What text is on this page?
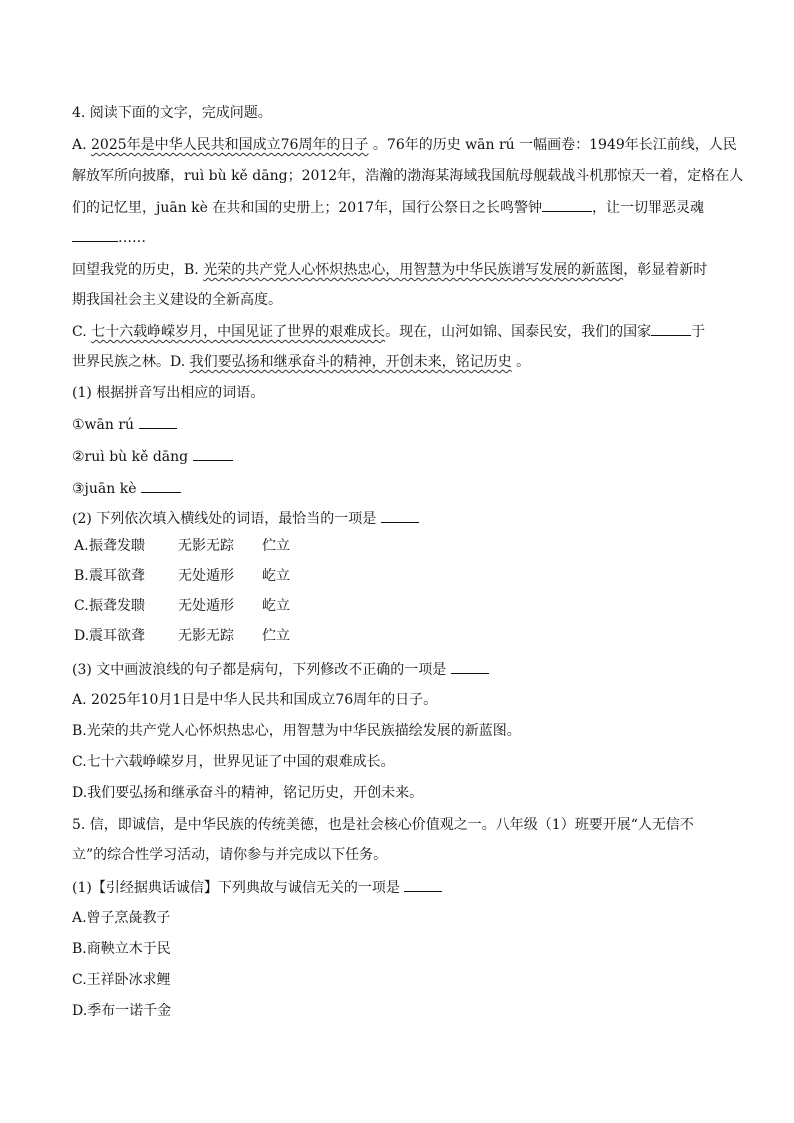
4. 阅读下面的文字，完成问题。
A. 2025年是中华人民共和国成立76周年的日子 。76年的历史 wān rú 一幅画卷：1949年长江前线，人民
解放军所向披靡，ruì bù kě dāng；2012年，浩瀚的渤海某海域我国航母舰载战斗机那惊天一着，定格在人
们的记忆里，juān kè 在共和国的史册上；2017年，国行公祭日之长鸣警钟	，让一切罪恶灵魂
……
回望我党的历史，B. 光荣的共产党人心怀炽热忠心，用智慧为中华民族谱写发展的新蓝图，彰显着新时
期我国社会主义建设的全新高度。
C. 七十六载峥嵘岁月，中国见证了世界的艰难成长。现在，山河如锦、国泰民安，我们的国家	于
世界民族之林。D. 我们要弘扬和继承奋斗的精神，开创未来，铭记历史 。
(1) 根据拼音写出相应的词语。
①wān rú
②ruì bù kě dāng
③juān kè
(2) 下列依次填入横线处的词语，最恰当的一项是
A. 振聋发聩 无影无踪 伫立
B. 震耳欲聋 无处遁形 屹立
C. 振聋发聩 无处遁形 屹立
D. 震耳欲聋 无影无踪 伫立
(3) 文中画波浪线的句子都是病句，下列修改不正确的一项是
A. 2025年10月1日是中华人民共和国成立76周年的日子。
B.光荣的共产党人心怀炽热忠心，用智慧为中华民族描绘发展的新蓝图。
C.七十六载峥嵘岁月，世界见证了中国的艰难成长。
D.我们要弘扬和继承奋斗的精神，铭记历史，开创未来。
5. 信，即诚信，是中华民族的传统美德，也是社会核心价值观之一。八年级（1）班要开展“人无信不
立”的综合性学习活动，请你参与并完成以下任务。
(1)【引经据典话诚信】下列典故与诚信无关的一项是
A.曾子烹彘教子
B.商鞅立木于民
C.王祥卧冰求鲤
D.季布一诺千金
